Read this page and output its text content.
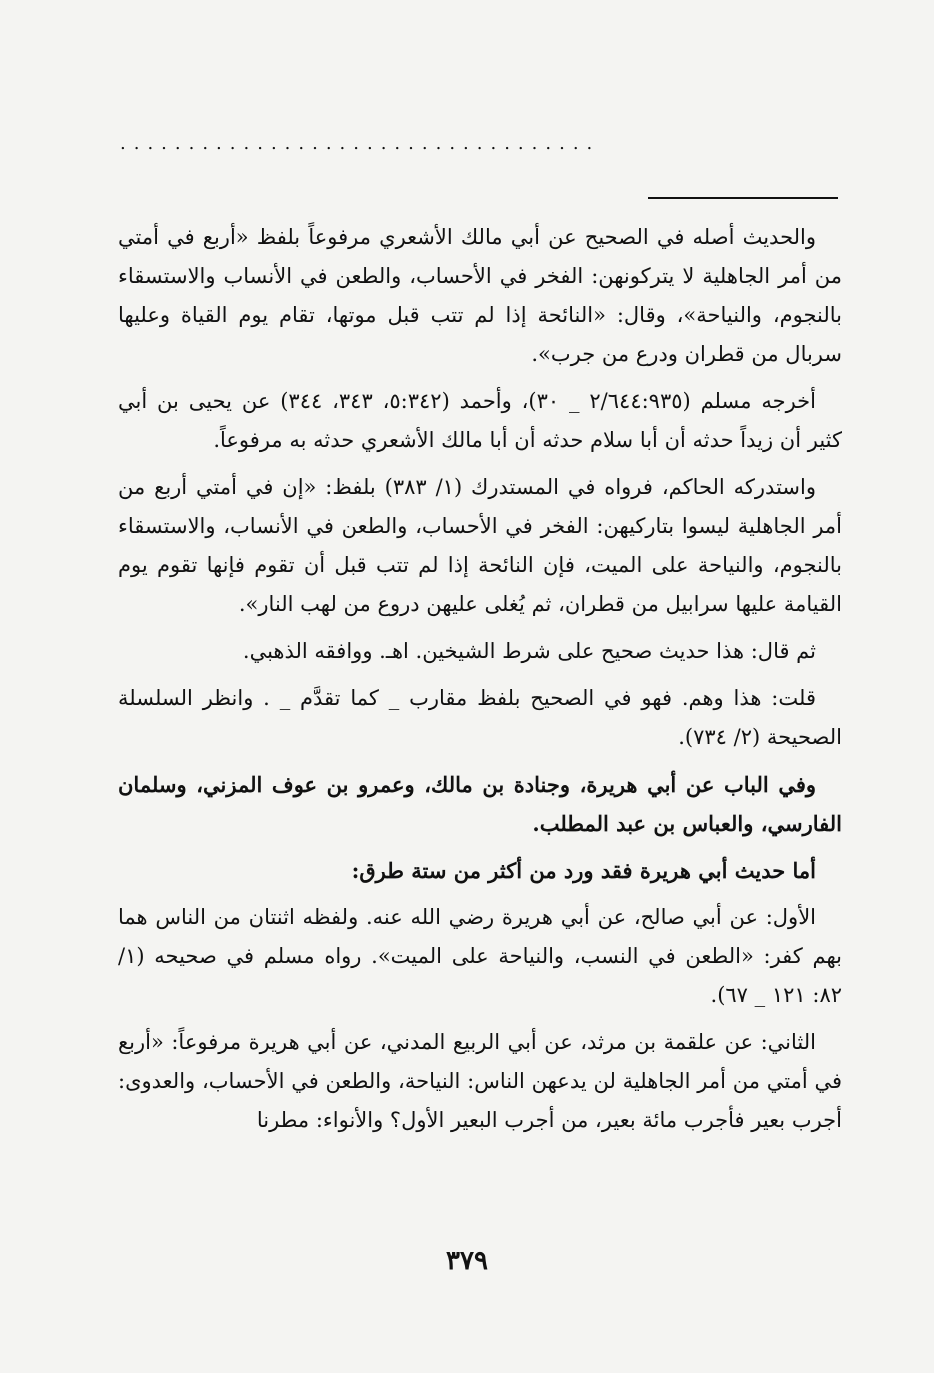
...................................

والحديث أصله في الصحيح عن أبي مالك الأشعري مرفوعاً بلفظ «أربع في أمتي من أمر الجاهلية لا يتركونهن: الفخر في الأحساب، والطعن في الأنساب والاستسقاء بالنجوم، والنياحة»، وقال: «النائحة إذا لم تتب قبل موتها، تقام يوم القياة وعليها سربال من قطران ودرع من جرب».

أخرجه مسلم (٢/٦٤٤:٩٣٥ _ ٣٠)، وأحمد (٥:٣٤٢، ٣٤٣، ٣٤٤) عن يحيى بن أبي كثير أن زيداً حدثه أن أبا سلام حدثه أن أبا مالك الأشعري حدثه به مرفوعاً.

واستدركه الحاكم، فرواه في المستدرك (١/ ٣٨٣) بلفظ: «إن في أمتي أربع من أمر الجاهلية ليسوا بتاركيهن: الفخر في الأحساب، والطعن في الأنساب، والاستسقاء بالنجوم، والنياحة على الميت، فإن النائحة إذا لم تتب قبل أن تقوم فإنها تقوم يوم القيامة عليها سرابيل من قطران، ثم يُغلى عليهن دروع من لهب النار».

ثم قال: هذا حديث صحيح على شرط الشيخين. اهـ. ووافقه الذهبي.

قلت: هذا وهم. فهو في الصحيح بلفظ مقارب _ كما تقدَّم _ . وانظر السلسلة الصحيحة (٢/ ٧٣٤).

وفي الباب عن أبي هريرة، وجنادة بن مالك، وعمرو بن عوف المزني، وسلمان الفارسي، والعباس بن عبد المطلب.

أما حديث أبي هريرة فقد ورد من أكثر من ستة طرق:

الأول: عن أبي صالح، عن أبي هريرة رضي الله عنه. ولفظه اثنتان من الناس هما بهم كفر: «الطعن في النسب، والنياحة على الميت». رواه مسلم في صحيحه (١/ ٨٢: ١٢١ _ ٦٧).

الثاني: عن علقمة بن مرثد، عن أبي الربيع المدني، عن أبي هريرة مرفوعاً: «أربع في أمتي من أمر الجاهلية لن يدعهن الناس: النياحة، والطعن في الأحساب، والعدوى: أجرب بعير فأجرب مائة بعير، من أجرب البعير الأول؟ والأنواء: مطرنا

٣٧٩
